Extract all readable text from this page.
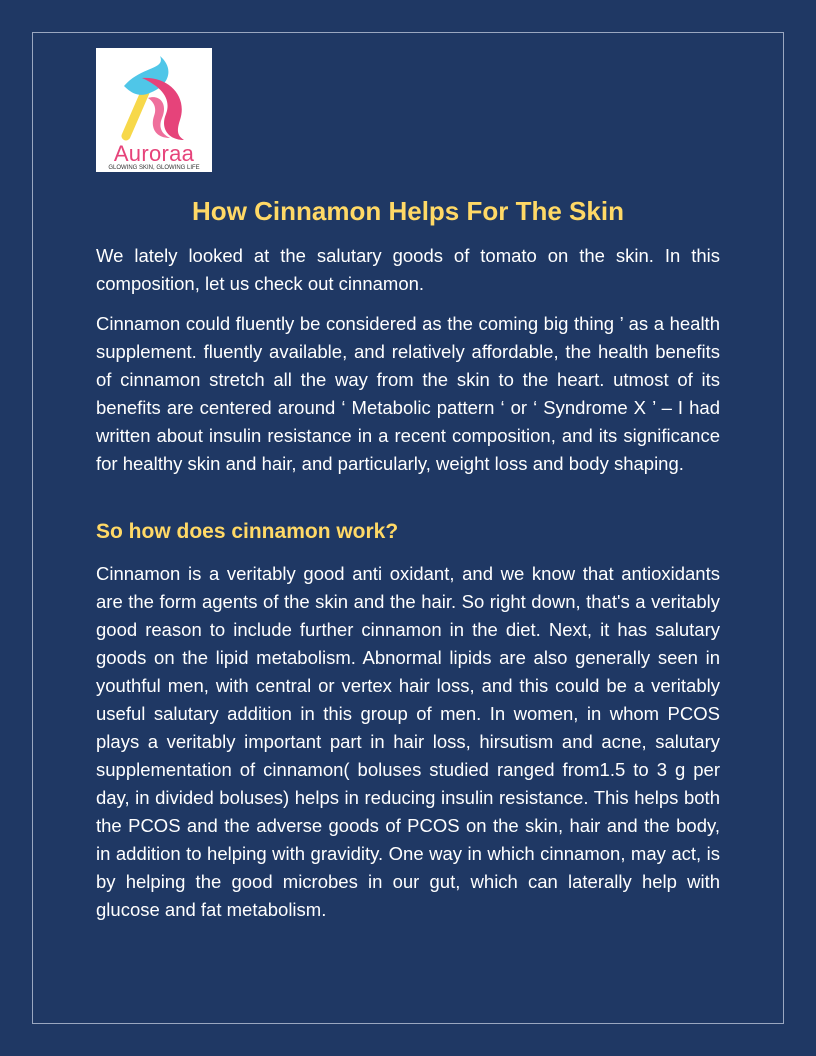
Auroraa
GLOWING SKIN, GLOWING LIFE
How Cinnamon Helps For The Skin

We lately looked at the salutary goods of tomato on the skin. In this composition, let us check out cinnamon.

Cinnamon could fluently be considered as the coming big thing ’ as a health supplement. fluently available, and relatively affordable, the health benefits of cinnamon stretch all the way from the skin to the heart. utmost of its benefits are centered around ‘ Metabolic pattern ‘ or ‘ Syndrome X ’ – I had written about insulin resistance in a recent composition, and its significance for healthy skin and hair, and particularly, weight loss and body shaping.

So how does cinnamon work?

Cinnamon is a veritably good anti oxidant, and we know that antioxidants are the form agents of the skin and the hair. So right down, that's a veritably good reason to include further cinnamon in the diet. Next, it has salutary goods on the lipid metabolism. Abnormal lipids are also generally seen in youthful men, with central or vertex hair loss, and this could be a veritably useful salutary addition in this group of men. In women, in whom PCOS plays a veritably important part in hair loss, hirsutism and acne, salutary supplementation of cinnamon( boluses studied ranged from1.5 to 3 g per day, in divided boluses) helps in reducing insulin resistance. This helps both the PCOS and the adverse goods of PCOS on the skin, hair and the body, in addition to helping with gravidity. One way in which cinnamon, may act, is by helping the good microbes in our gut, which can laterally help with glucose and fat metabolism.
